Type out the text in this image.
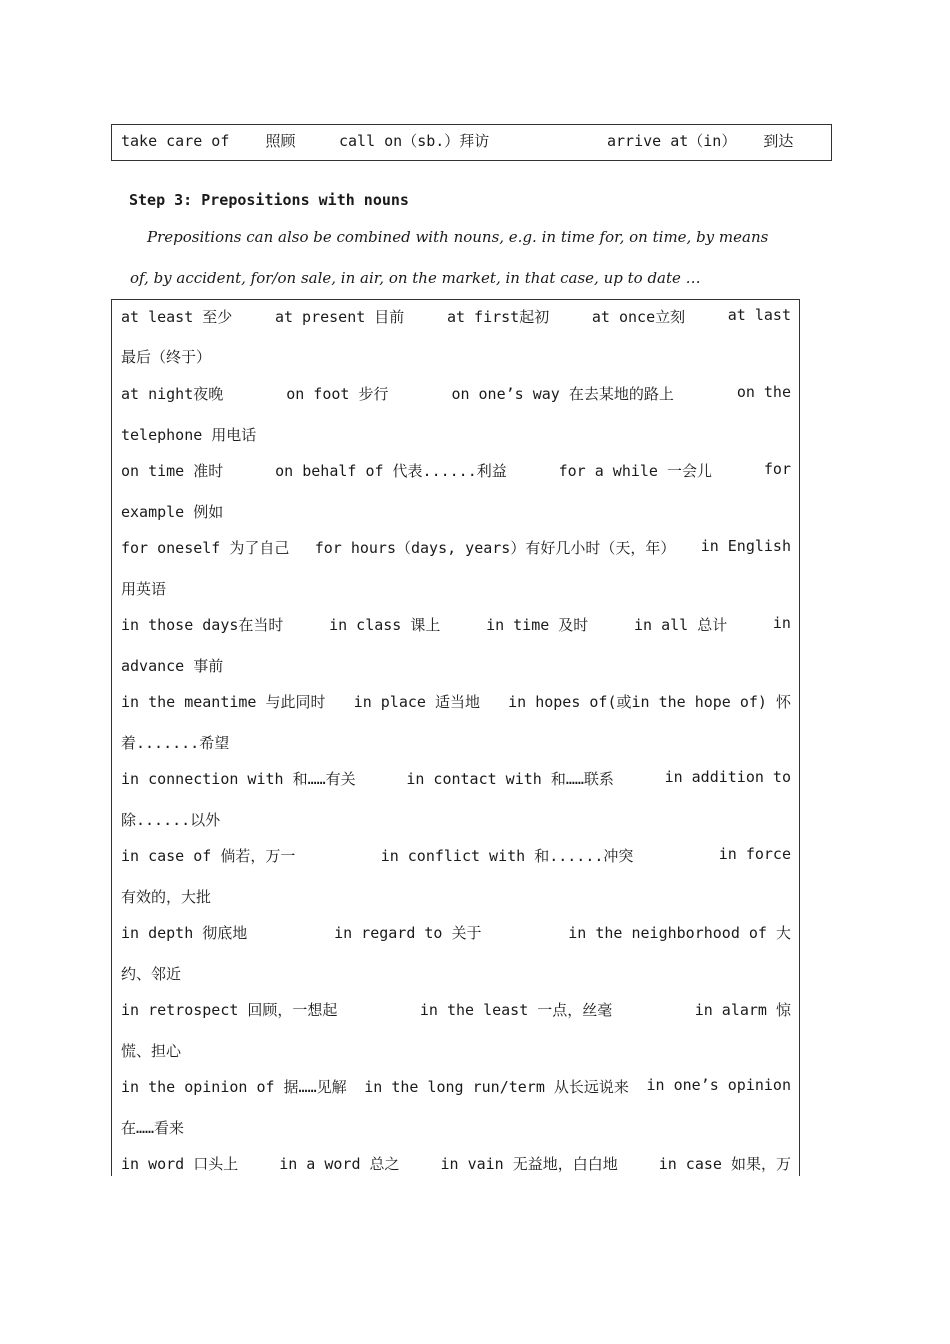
take care of    照顾	call on（sb.）拜访	arrive at（in）   到达
Step 3: Prepositions with nouns
Prepositions can also be combined with nouns, e.g. in time for, on time, by means
of, by accident, for/on sale, in air, on the market, in that case, up to date …
at least 至少	at present 目前	at first起初	at once立刻	at last
最后（终于）
at night夜晚	on foot 步行	on one’s way 在去某地的路上	on the
telephone 用电话
on time 准时	on behalf of 代表......利益	for a while 一会儿	for
example 例如
for oneself 为了自己 for hours（days, years）有好几小时（天，年） in English
用英语
in those days在当时	in class 课上	in time 及时	in all 总计	in
advance 事前
in the meantime 与此同时 in place 适当地 in hopes of(或in the hope of) 怀
着.......希望
in connection with 和……有关	in contact with 和……联系	in addition to
除......以外
in case of 倘若，万一	in conflict with 和......冲突	in force
有效的，大批
in depth 彻底地	in regard to 关于	in the neighborhood of 大
约、邻近
in retrospect 回顾，一想起	in the least 一点，丝毫	in alarm 惊
慌、担心
in the opinion of 据……见解 in the long run/term 从长远说来 in one’s opinion
在……看来
in word 口头上	in a word 总之	in vain 无益地，白白地	in case 如果，万
